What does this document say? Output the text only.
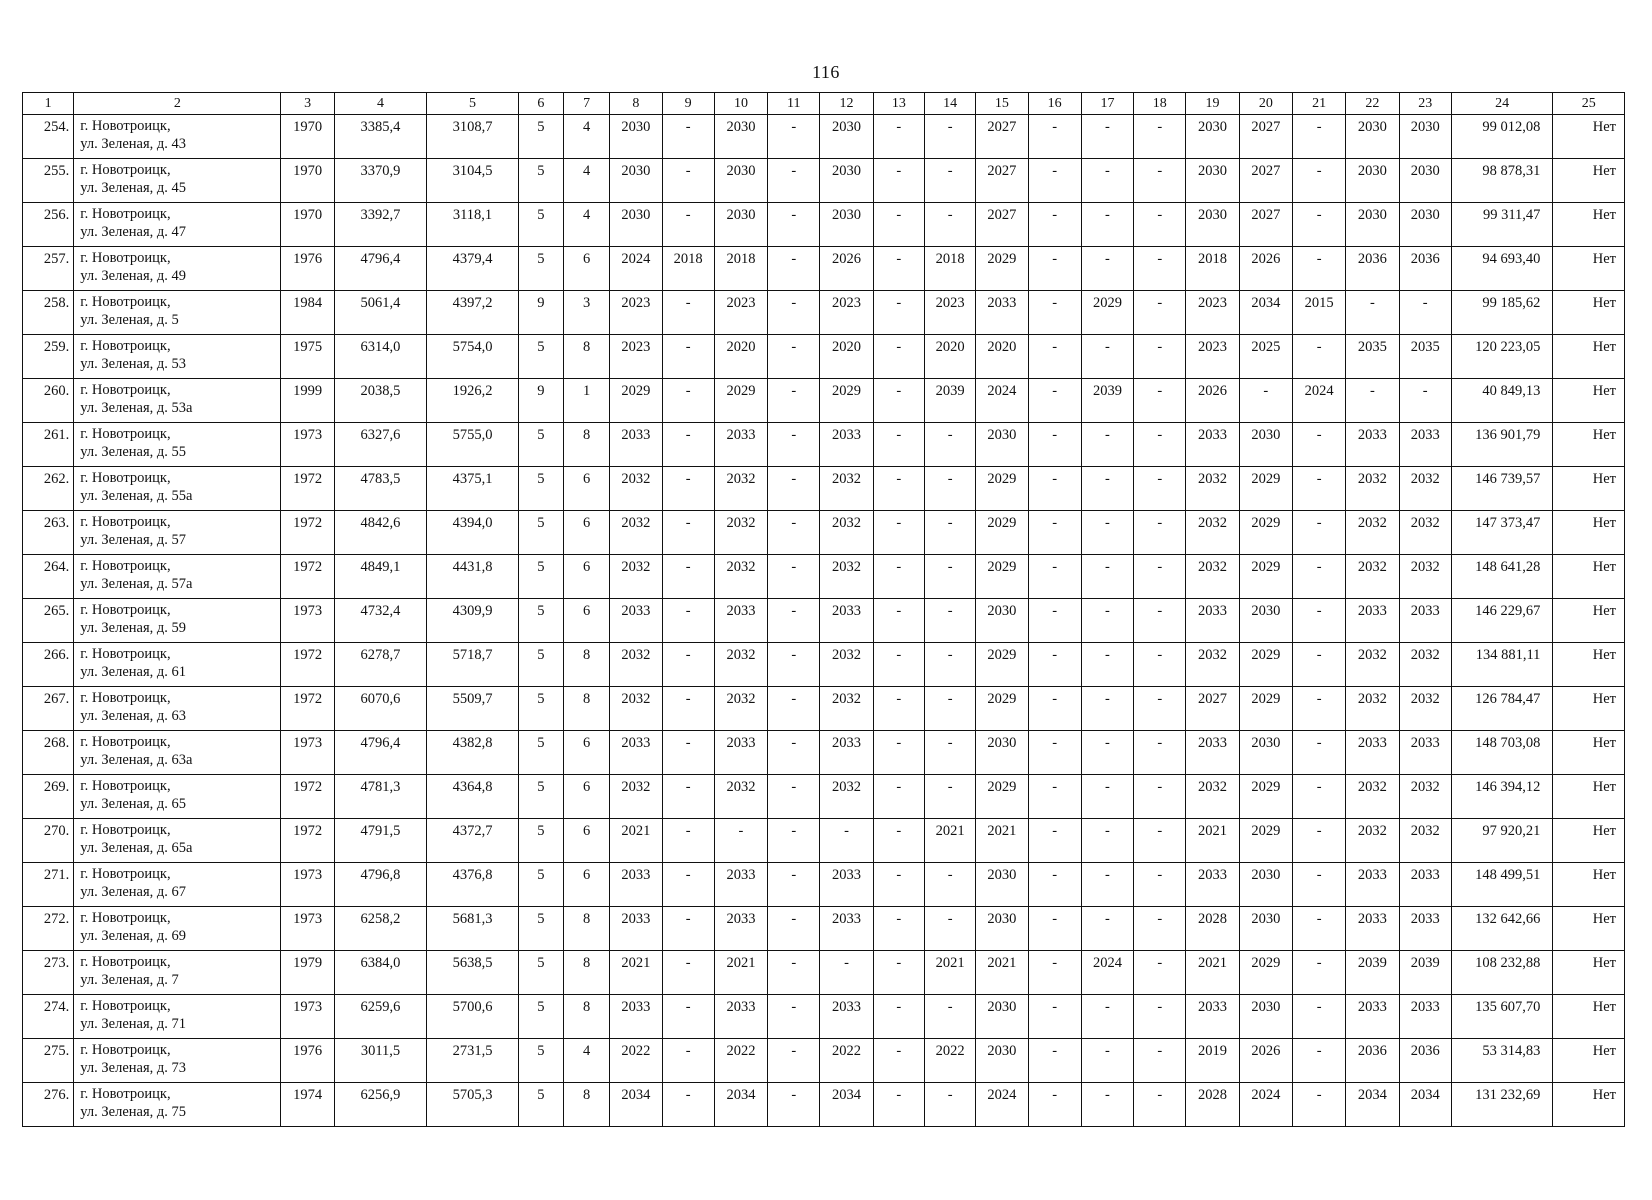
116
1	2	3	4	5	6	7	8	9	10	11	12	13	14	15	16	17	18	19	20	21	22	23	24	25
254.	г. Новотроицк,
ул. Зеленая, д. 43	1970	3385,4	3108,7	5	4	2030	-	2030	-	2030	-	-	2027	-	-	-	2030	2027	-	2030	2030	99 012,08	Нет
255.	г. Новотроицк,
ул. Зеленая, д. 45	1970	3370,9	3104,5	5	4	2030	-	2030	-	2030	-	-	2027	-	-	-	2030	2027	-	2030	2030	98 878,31	Нет
256.	г. Новотроицк,
ул. Зеленая, д. 47	1970	3392,7	3118,1	5	4	2030	-	2030	-	2030	-	-	2027	-	-	-	2030	2027	-	2030	2030	99 311,47	Нет
257.	г. Новотроицк,
ул. Зеленая, д. 49	1976	4796,4	4379,4	5	6	2024	2018	2018	-	2026	-	2018	2029	-	-	-	2018	2026	-	2036	2036	94 693,40	Нет
258.	г. Новотроицк,
ул. Зеленая, д. 5	1984	5061,4	4397,2	9	3	2023	-	2023	-	2023	-	2023	2033	-	2029	-	2023	2034	2015	-	-	99 185,62	Нет
259.	г. Новотроицк,
ул. Зеленая, д. 53	1975	6314,0	5754,0	5	8	2023	-	2020	-	2020	-	2020	2020	-	-	-	2023	2025	-	2035	2035	120 223,05	Нет
260.	г. Новотроицк,
ул. Зеленая, д. 53а	1999	2038,5	1926,2	9	1	2029	-	2029	-	2029	-	2039	2024	-	2039	-	2026	-	2024	-	-	40 849,13	Нет
261.	г. Новотроицк,
ул. Зеленая, д. 55	1973	6327,6	5755,0	5	8	2033	-	2033	-	2033	-	-	2030	-	-	-	2033	2030	-	2033	2033	136 901,79	Нет
262.	г. Новотроицк,
ул. Зеленая, д. 55а	1972	4783,5	4375,1	5	6	2032	-	2032	-	2032	-	-	2029	-	-	-	2032	2029	-	2032	2032	146 739,57	Нет
263.	г. Новотроицк,
ул. Зеленая, д. 57	1972	4842,6	4394,0	5	6	2032	-	2032	-	2032	-	-	2029	-	-	-	2032	2029	-	2032	2032	147 373,47	Нет
264.	г. Новотроицк,
ул. Зеленая, д. 57а	1972	4849,1	4431,8	5	6	2032	-	2032	-	2032	-	-	2029	-	-	-	2032	2029	-	2032	2032	148 641,28	Нет
265.	г. Новотроицк,
ул. Зеленая, д. 59	1973	4732,4	4309,9	5	6	2033	-	2033	-	2033	-	-	2030	-	-	-	2033	2030	-	2033	2033	146 229,67	Нет
266.	г. Новотроицк,
ул. Зеленая, д. 61	1972	6278,7	5718,7	5	8	2032	-	2032	-	2032	-	-	2029	-	-	-	2032	2029	-	2032	2032	134 881,11	Нет
267.	г. Новотроицк,
ул. Зеленая, д. 63	1972	6070,6	5509,7	5	8	2032	-	2032	-	2032	-	-	2029	-	-	-	2027	2029	-	2032	2032	126 784,47	Нет
268.	г. Новотроицк,
ул. Зеленая, д. 63а	1973	4796,4	4382,8	5	6	2033	-	2033	-	2033	-	-	2030	-	-	-	2033	2030	-	2033	2033	148 703,08	Нет
269.	г. Новотроицк,
ул. Зеленая, д. 65	1972	4781,3	4364,8	5	6	2032	-	2032	-	2032	-	-	2029	-	-	-	2032	2029	-	2032	2032	146 394,12	Нет
270.	г. Новотроицк,
ул. Зеленая, д. 65а	1972	4791,5	4372,7	5	6	2021	-	-	-	-	-	2021	2021	-	-	-	2021	2029	-	2032	2032	97 920,21	Нет
271.	г. Новотроицк,
ул. Зеленая, д. 67	1973	4796,8	4376,8	5	6	2033	-	2033	-	2033	-	-	2030	-	-	-	2033	2030	-	2033	2033	148 499,51	Нет
272.	г. Новотроицк,
ул. Зеленая, д. 69	1973	6258,2	5681,3	5	8	2033	-	2033	-	2033	-	-	2030	-	-	-	2028	2030	-	2033	2033	132 642,66	Нет
273.	г. Новотроицк,
ул. Зеленая, д. 7	1979	6384,0	5638,5	5	8	2021	-	2021	-	-	-	2021	2021	-	2024	-	2021	2029	-	2039	2039	108 232,88	Нет
274.	г. Новотроицк,
ул. Зеленая, д. 71	1973	6259,6	5700,6	5	8	2033	-	2033	-	2033	-	-	2030	-	-	-	2033	2030	-	2033	2033	135 607,70	Нет
275.	г. Новотроицк,
ул. Зеленая, д. 73	1976	3011,5	2731,5	5	4	2022	-	2022	-	2022	-	2022	2030	-	-	-	2019	2026	-	2036	2036	53 314,83	Нет
276.	г. Новотроицк,
ул. Зеленая, д. 75	1974	6256,9	5705,3	5	8	2034	-	2034	-	2034	-	-	2024	-	-	-	2028	2024	-	2034	2034	131 232,69	Нет
